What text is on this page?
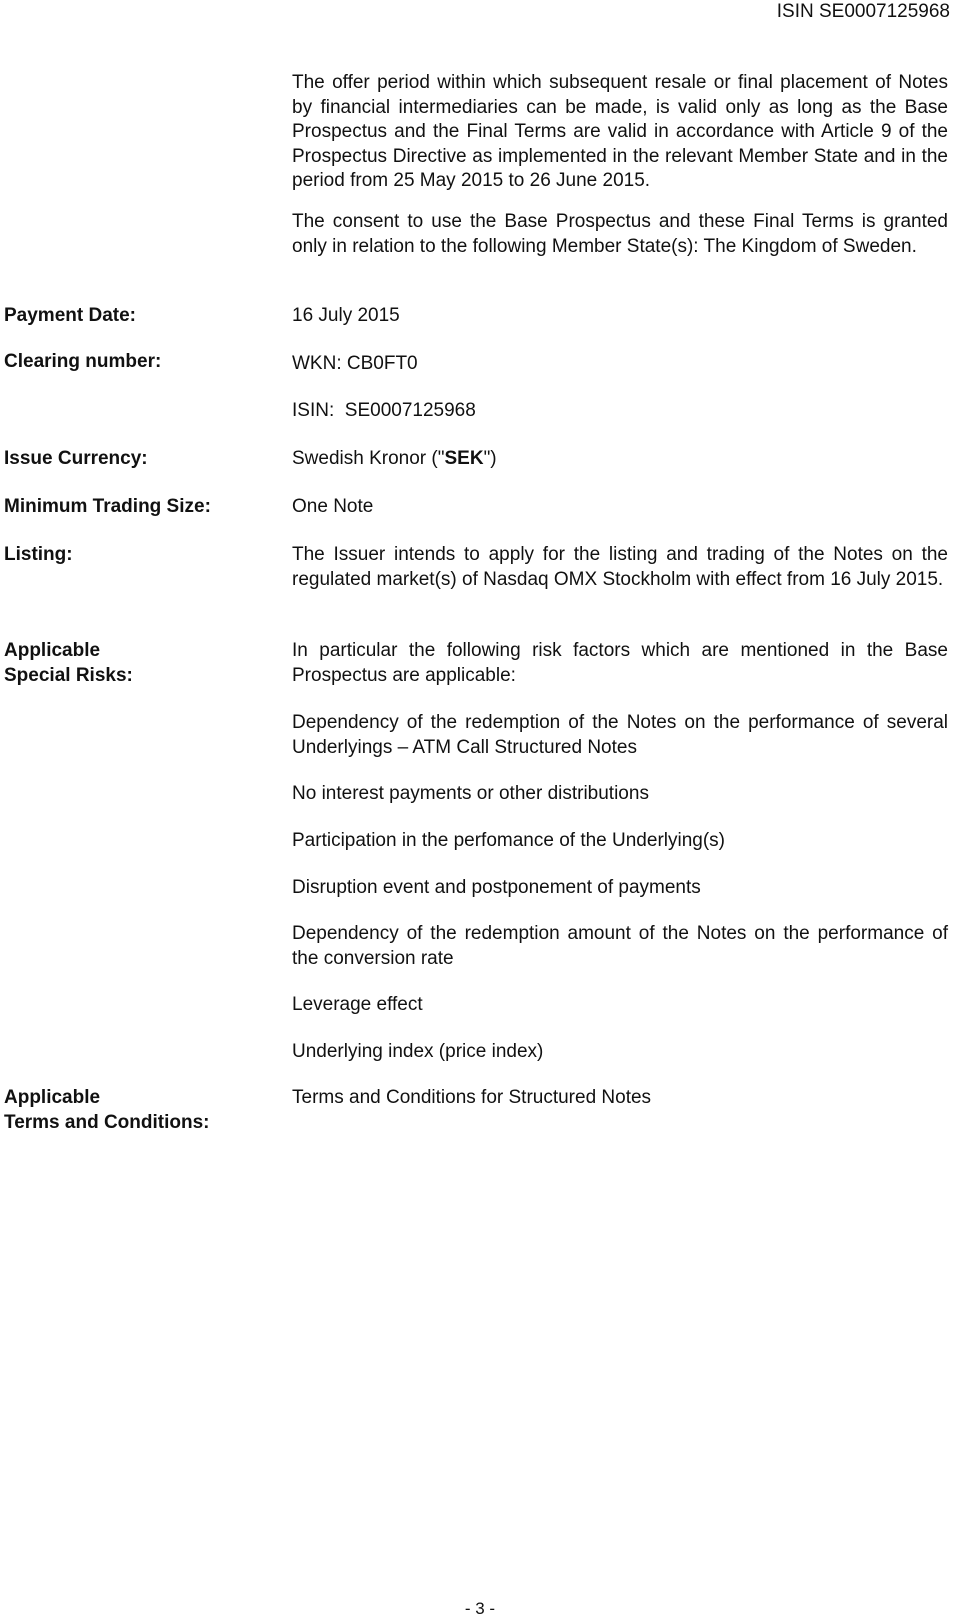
ISIN SE0007125968

The offer period within which subsequent resale or final placement of Notes by financial intermediaries can be made, is valid only as long as the Base Prospectus and the Final Terms are valid in accordance with Article 9 of the Prospectus Directive as implemented in the relevant Member State and in the period from 25 May 2015 to 26 June 2015.

The consent to use the Base Prospectus and these Final Terms is granted only in relation to the following Member State(s): The Kingdom of Sweden.

Payment Date:	16 July 2015

Clearing number:	WKN: CB0FT0

ISIN:  SE0007125968

Issue Currency:	Swedish Kronor ("SEK")

Minimum Trading Size:	One Note

Listing:	The Issuer intends to apply for the listing and trading of the Notes on the regulated market(s) of Nasdaq OMX Stockholm with effect from 16 July 2015.

Applicable
Special Risks:

In particular the following risk factors which are mentioned in the Base Prospectus are applicable:

Dependency of the redemption of the Notes on the performance of several Underlyings – ATM Call Structured Notes

No interest payments or other distributions

Participation in the perfomance of the Underlying(s)

Disruption event and postponement of payments

Dependency of the redemption amount of the Notes on the performance of the conversion rate

Leverage effect

Underlying index (price index)

Applicable
Terms and Conditions:

Terms and Conditions for Structured Notes

- 3 -
